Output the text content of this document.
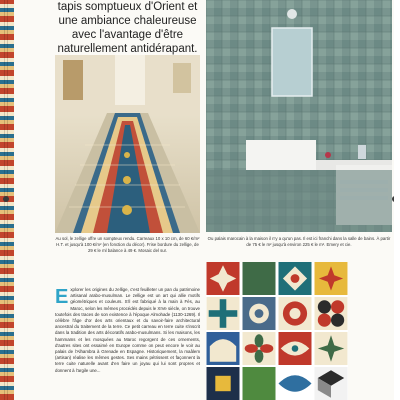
tapis somptueux d'Orient et
une ambiance chaleureuse
avec l'avantage d'être
naturellement antidérapant.
Au sol, le zellige offre un sompteux rendu. Carreaux 10 x 10 cm, de 60 €/m² H.T. et jusqu'à 100 €/m² (en fonction du décor). Frise bordure du zellige, de 29 € le ml balance à 49 €. Mosaic del sur.
Ou palais marocain à la maison il n'y a qu'un pas. Il est ici franchi dans la salle de bains. À partir de 75 € le m² jusqu'à environ 225 € le m². Emery et cie.
Explorer les origines du zellige, c'est feuilleter un pan du patrimoine artisanal arabo-musulman. Le zellige est un art qui allie motifs géométriques et couleurs. S'il est fabriqué à la main à Fès, au Maroc, selon les mêmes procédés depuis le XIVe siècle, on trouve toutefois des traces de son existence à l'époque Almohade (1130-1269). Il célèbre l'âge d'or des arts orientaux et du savoir-faire architectural ancestral du traitement de la terre. Ce petit carreau en terre cuite s'inscrit dans la tradition des arts décoratifs arabo-musulmans. Si les maisons, les hammams et les mosquées au Maroc regorgent de ces ornements, d'autres sites ont essaimé en Europe comme on peut encore le voir au palais de l'Alhambra à Grenade en Espagne. Historiquement, la maâlem (artisan) réalise les mêmes gestes. Ses mains pétrissent et façonnent la terre cuite naturelle avant d'en faire un joyau qui lui sont propres et donnent à l'argile une...
